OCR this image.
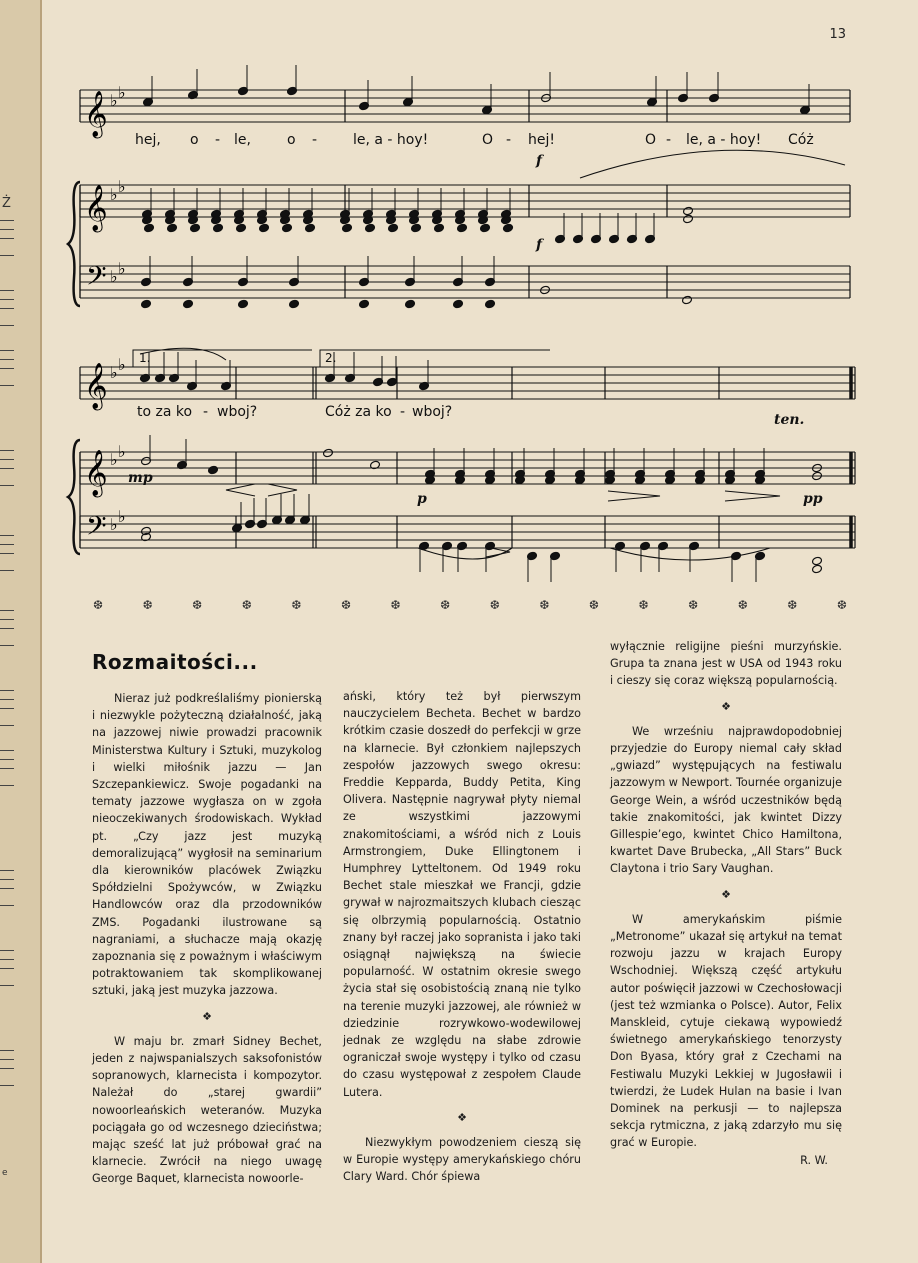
Ż
e
13
𝄞
𝄞
𝄢
𝄞
𝄞
𝄢
♭ ♭
♭ ♭
♭ ♭
♭ ♭
♭ ♭
♭ ♭
hej, o - le,	o -	le, a - hoy!	O - hej!	O - le, a - hoy! Cóż
to za ko - wboj?	Cóż za ko - wboj?
1.	2.
f
f
mp
p	pp
ten.
❆	❆	❆	❆	❆	❆	❆	❆	❆	❆	❆	❆	❆	❆	❆	❆
Rozmaitości...

Nieraz już podkreślaliśmy pionierską i niezwykle pożyteczną działalność, jaką na jazzowej niwie prowadzi pracownik Ministerstwa Kultury i Sztuki, muzykolog i wielki miłośnik jazzu — Jan Szczepankiewicz. Swoje pogadanki na tematy jazzowe wygłasza on w zgoła nieoczekiwanych środowiskach. Wykład pt. „Czy jazz jest muzyką demoralizującą” wygłosił na seminarium dla kierowników placówek Związku Spółdzielni Spożywców, w Związku Handlowców oraz dla przodowników ZMS. Pogadanki ilustrowane są nagraniami, a słuchacze mają okazję zapoznania się z poważnym i właściwym potraktowaniem tak skomplikowanej sztuki, jaką jest muzyka jazzowa.

❖

W maju br. zmarł Sidney Bechet, jeden z najwspanialszych saksofonistów sopranowych, klarnecista i kompozytor. Należał do „starej gwardii” nowoorleańskich weteranów. Muzyka pociągała go od wczesnego dzieciństwa; mając sześć lat już próbował grać na klarnecie. Zwrócił na niego uwagę George Baquet, klarnecista nowoorle-

ański, który też był pierwszym nauczycielem Becheta. Bechet w bardzo krótkim czasie doszedł do perfekcji w grze na klarnecie. Był członkiem najlepszych zespołów jazzowych swego okresu: Freddie Kepparda, Buddy Petita, King Olivera. Następnie nagrywał płyty niemal ze wszystkimi jazzowymi znakomitościami, a wśród nich z Louis Armstrongiem, Duke Ellingtonem i Humphrey Lytteltonem. Od 1949 roku Bechet stale mieszkał we Francji, gdzie grywał w najrozmaitszych klubach ciesząc się olbrzymią popularnością. Ostatnio znany był raczej jako sopranista i jako taki osiągnął największą na świecie popularność. W ostatnim okresie swego życia stał się osobistością znaną nie tylko na terenie muzyki jazzowej, ale również w dziedzinie rozrywkowo-wodewilowej jednak ze względu na słabe zdrowie ograniczał swoje występy i tylko od czasu do czasu występował z zespołem Claude Lutera.

❖

Niezwykłym powodzeniem cieszą się w Europie występy amerykańskiego chóru Clary Ward. Chór śpiewa

wyłącznie religijne pieśni murzyńskie. Grupa ta znana jest w USA od 1943 roku i cieszy się coraz większą popularnością.

❖

We wrześniu najprawdopodobniej przyjedzie do Europy niemal cały skład „gwiazd” występujących na festiwalu jazzowym w Newport. Tournée organizuje George Wein, a wśród uczestników będą takie znakomitości, jak kwintet Dizzy Gillespie’ego, kwintet Chico Hamiltona, kwartet Dave Brubecka, „All Stars” Buck Claytona i trio Sary Vaughan.

❖

W amerykańskim piśmie „Metronome” ukazał się artykuł na temat rozwoju jazzu w krajach Europy Wschodniej. Większą część artykułu autor poświęcił jazzowi w Czechosłowacji (jest też wzmianka o Polsce). Autor, Felix Manskleid, cytuje ciekawą wypowiedź świetnego amerykańskiego tenorzysty Don Byasa, który grał z Czechami na Festiwalu Muzyki Lekkiej w Jugosławii i twierdzi, że Ludek Hulan na basie i Ivan Dominek na perkusji — to najlepsza sekcja rytmiczna, z jaką zdarzyło mu się grać w Europie.

R. W.
